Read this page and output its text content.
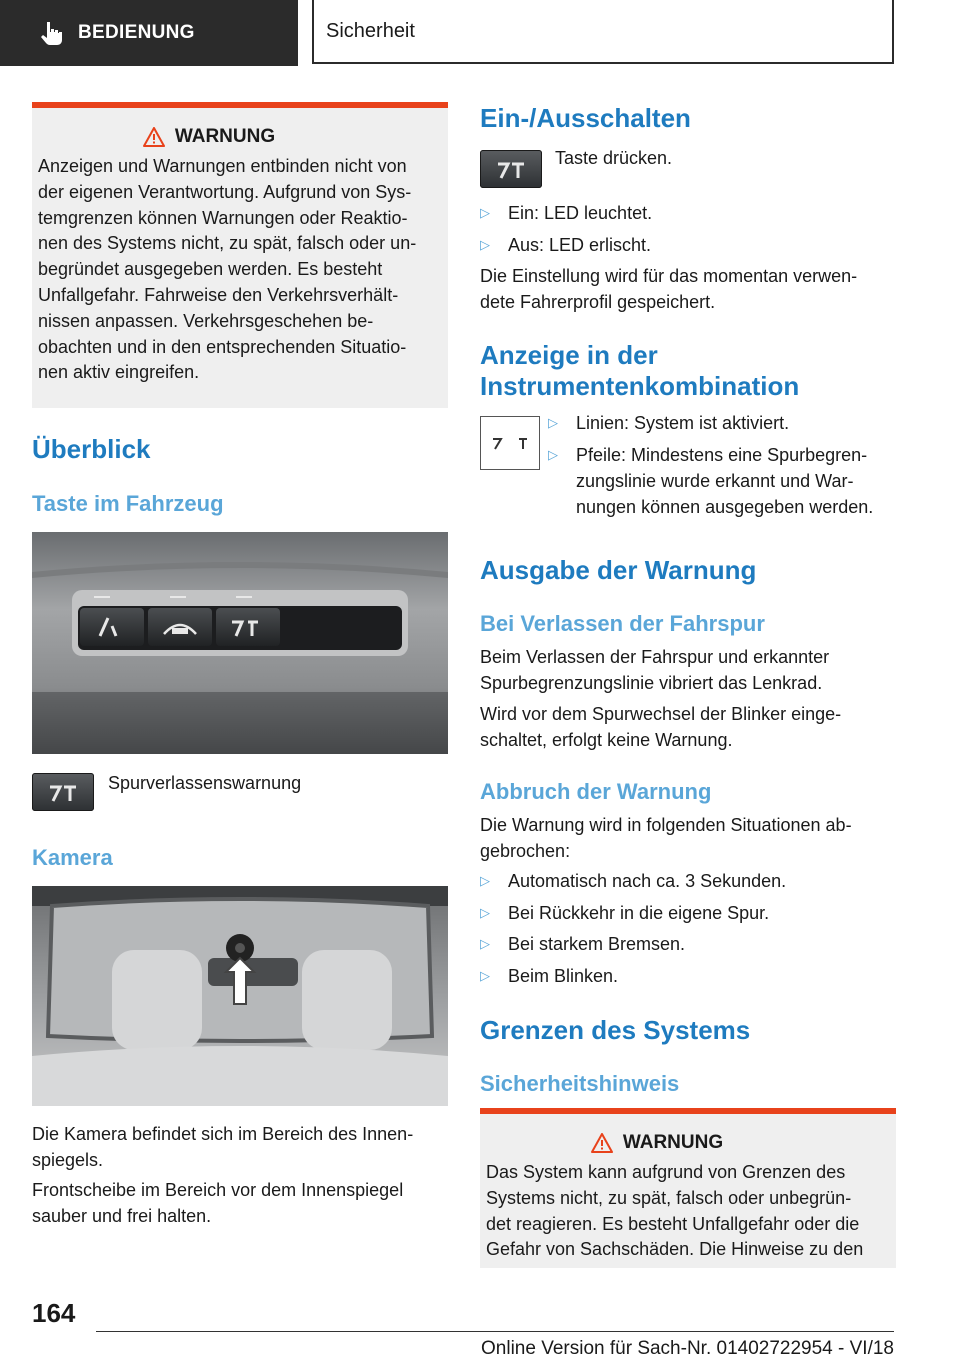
BEDIENUNG	Sicherheit
WARNUNG
Anzeigen und Warnungen entbinden nicht von
der eigenen Verantwortung. Aufgrund von Sys-
temgrenzen können Warnungen oder Reaktio-
nen des Systems nicht, zu spät, falsch oder un-
begründet ausgegeben werden. Es besteht
Unfallgefahr. Fahrweise den Verkehrsverhält-
nissen anpassen. Verkehrsgeschehen be-
obachten und in den entsprechenden Situatio-
nen aktiv eingreifen.
Überblick
Taste im Fahrzeug

Spurverlassenswarnung

Kamera
Die Kamera befindet sich im Bereich des Innen-
spiegels.
Frontscheibe im Bereich vor dem Innenspiegel
sauber und frei halten.
Ein-/Ausschalten

Taste drücken.

▷ Ein: LED leuchtet.
▷ Aus: LED erlischt.
Die Einstellung wird für das momentan verwen-
dete Fahrerprofil gespeichert.
Anzeige in der
Instrumentenkombination
▷ Linien: System ist aktiviert.
▷ Pfeile: Mindestens eine Spurbegren-
zungslinie wurde erkannt und War-
nungen können ausgegeben werden.
Ausgabe der Warnung
Bei Verlassen der Fahrspur
Beim Verlassen der Fahrspur und erkannter
Spurbegrenzungslinie vibriert das Lenkrad.
Wird vor dem Spurwechsel der Blinker einge-
schaltet, erfolgt keine Warnung.
Abbruch der Warnung
Die Warnung wird in folgenden Situationen ab-
gebrochen:
▷ Automatisch nach ca. 3 Sekunden.
▷ Bei Rückkehr in die eigene Spur.
▷ Bei starkem Bremsen.
▷ Beim Blinken.
Grenzen des Systems
Sicherheitshinweis
WARNUNG
Das System kann aufgrund von Grenzen des
Systems nicht, zu spät, falsch oder unbegrün-
det reagieren. Es besteht Unfallgefahr oder die
Gefahr von Sachschäden. Die Hinweise zu den
164
Online Version für Sach-Nr. 01402722954 - VI/18
